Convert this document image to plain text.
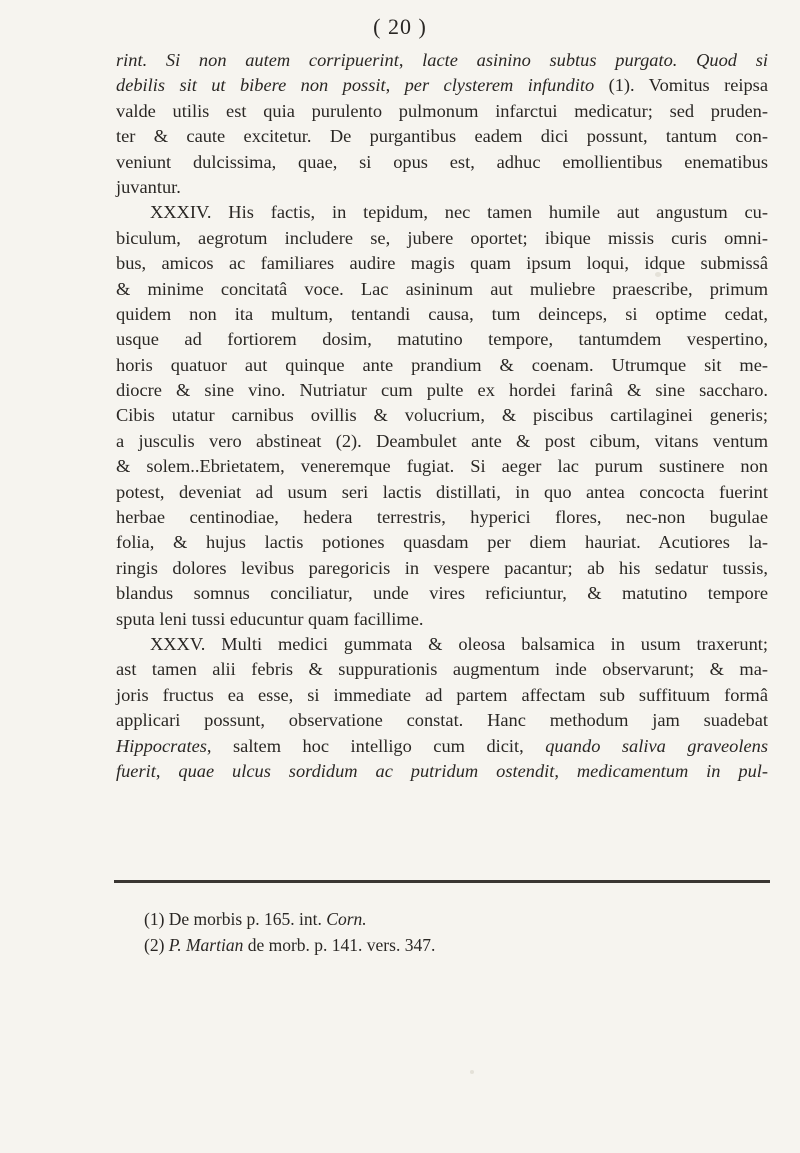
( 20 )
rint. Si non autem corripuerint, lacte asinino subtus purgato. Quod si
debilis sit ut bibere non possit, per clysterem infundito (1). Vomitus reipsa
valde utilis est quia purulento pulmonum infarctui medicatur; sed pruden-
ter & caute excitetur. De purgantibus eadem dici possunt, tantum con-
veniunt dulcissima, quae, si opus est, adhuc emollientibus enematibus
juvantur.
XXXIV. His factis, in tepidum, nec tamen humile aut angustum cu-
biculum, aegrotum includere se, jubere oportet; ibique missis curis omni-
bus, amicos ac familiares audire magis quam ipsum loqui, idque submissâ
& minime concitatâ voce. Lac asininum aut muliebre praescribe, primum
quidem non ita multum, tentandi causa, tum deinceps, si optime cedat,
usque ad fortiorem dosim, matutino tempore, tantumdem vespertino,
horis quatuor aut quinque ante prandium & coenam. Utrumque sit me-
diocre & sine vino. Nutriatur cum pulte ex hordei farinâ & sine saccharo.
Cibis utatur carnibus ovillis & volucrium, & piscibus cartilaginei generis;
a jusculis vero abstineat (2). Deambulet ante & post cibum, vitans ventum
& solem..Ebrietatem, veneremque fugiat. Si aeger lac purum sustinere non
potest, deveniat ad usum seri lactis distillati, in quo antea concocta fuerint
herbae centinodiae, hedera terrestris, hyperici flores, nec-non bugulae
folia, & hujus lactis potiones quasdam per diem hauriat. Acutiores la-
ringis dolores levibus paregoricis in vespere pacantur; ab his sedatur tussis,
blandus somnus conciliatur, unde vires reficiuntur, & matutino tempore
sputa leni tussi educuntur quam facillime.
XXXV. Multi medici gummata & oleosa balsamica in usum traxerunt;
ast tamen alii febris & suppurationis augmentum inde observarunt; & ma-
joris fructus ea esse, si immediate ad partem affectam sub suffituum formâ
applicari possunt, observatione constat. Hanc methodum jam suadebat
Hippocrates, saltem hoc intelligo cum dicit, quando saliva graveolens
fuerit, quae ulcus sordidum ac putridum ostendit, medicamentum in pul-
(1) De morbis p. 165. int. Corn.
(2) P. Martian de morb. p. 141. vers. 347.
